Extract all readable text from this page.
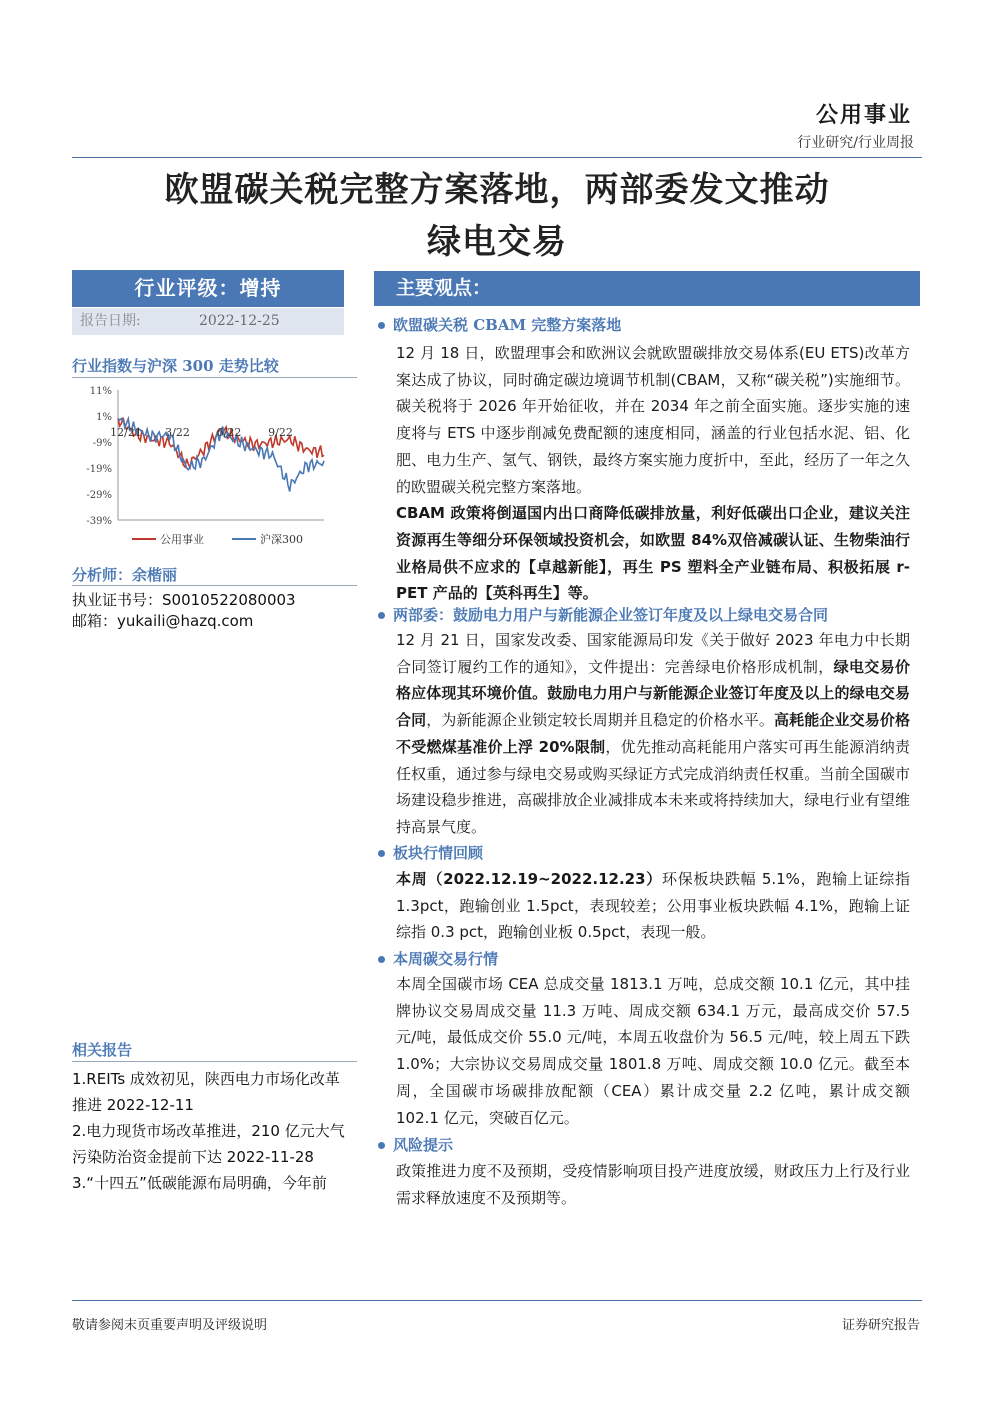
公用事业
行业研究/行业周报
欧盟碳关税完整方案落地，两部委发文推动
绿电交易
行业评级：增持
报告日期:	2022-12-25
行业指数与沪深 300 走势比较
11%
1%
-9%
-19%
-29%
-39%
12/21 3/22 6/22 9/22
公用事业	沪深300
分析师：余楷丽
执业证书号：S0010522080003
邮箱：yukaili@hazq.com
相关报告

1.REITs 成效初见，陕西电力市场化改革推进 2022-12-11

2.电力现货市场改革推进，210 亿元大气污染防治资金提前下达 2022-11-28

3.“十四五”低碳能源布局明确，今年前

主要观点：
欧盟碳关税 CBAM 完整方案落地

12 月 18 日，欧盟理事会和欧洲议会就欧盟碳排放交易体系(EU ETS)改革方案达成了协议，同时确定碳边境调节机制(CBAM，又称“碳关税”)实施细节。碳关税将于 2026 年开始征收，并在 2034 年之前全面实施。逐步实施的速度将与 ETS 中逐步削减免费配额的速度相同，涵盖的行业包括水泥、铝、化肥、电力生产、氢气、钢铁，最终方案实施力度折中，至此，经历了一年之久的欧盟碳关税完整方案落地。

CBAM 政策将倒逼国内出口商降低碳排放量，利好低碳出口企业，建议关注资源再生等细分环保领域投资机会，如欧盟 84%双倍减碳认证、生物柴油行业格局供不应求的【卓越新能】，再生 PS 塑料全产业链布局、积极拓展 r-PET 产品的【英科再生】等。

两部委：鼓励电力用户与新能源企业签订年度及以上绿电交易合同

12 月 21 日，国家发改委、国家能源局印发《关于做好 2023 年电力中长期合同签订履约工作的通知》，文件提出：完善绿电价格形成机制，绿电交易价格应体现其环境价值。鼓励电力用户与新能源企业签订年度及以上的绿电交易合同，为新能源企业锁定较长周期并且稳定的价格水平。高耗能企业交易价格不受燃煤基准价上浮 20%限制，优先推动高耗能用户落实可再生能源消纳责任权重，通过参与绿电交易或购买绿证方式完成消纳责任权重。当前全国碳市场建设稳步推进，高碳排放企业减排成本未来或将持续加大，绿电行业有望维持高景气度。

板块行情回顾

本周（2022.12.19~2022.12.23）环保板块跌幅 5.1%，跑输上证综指 1.3pct，跑输创业 1.5pct，表现较差；公用事业板块跌幅 4.1%，跑输上证综指 0.3 pct，跑输创业板 0.5pct，表现一般。

本周碳交易行情

本周全国碳市场 CEA 总成交量 1813.1 万吨，总成交额 10.1 亿元，其中挂牌协议交易周成交量 11.3 万吨、周成交额 634.1 万元，最高成交价 57.5 元/吨，最低成交价 55.0 元/吨，本周五收盘价为 56.5 元/吨，较上周五下跌 1.0%；大宗协议交易周成交量 1801.8 万吨、周成交额 10.0 亿元。截至本周，全国碳市场碳排放配额（CEA）累计成交量 2.2 亿吨，累计成交额 102.1 亿元，突破百亿元。

风险提示

政策推进力度不及预期，受疫情影响项目投产进度放缓，财政压力上行及行业需求释放速度不及预期等。

敬请参阅末页重要声明及评级说明	证券研究报告
